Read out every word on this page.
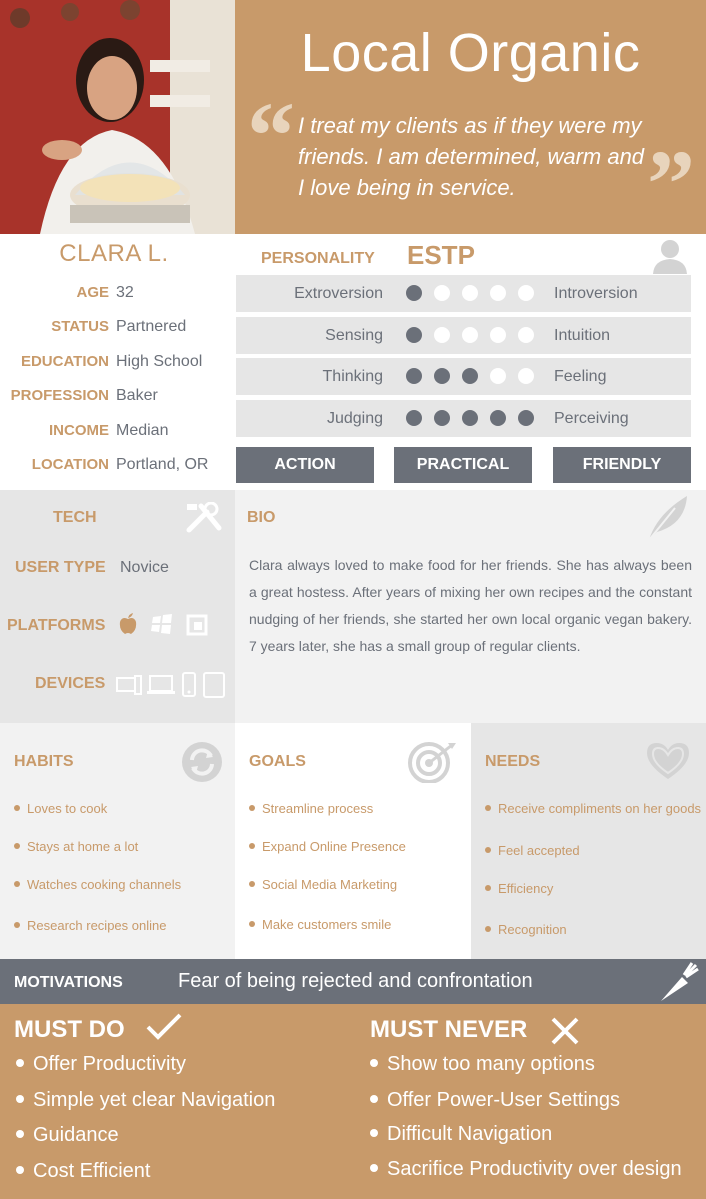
Local Organic
“ I treat my clients as if they were my friends. I am determined, warm and I love being in service.	”
CLARA L.
AGE 32
STATUS Partnered
EDUCATION High School
PROFESSION Baker
INCOME Median
LOCATION Portland, OR
PERSONALITY ESTP
Extroversion	Introversion
Sensing	Intuition
Thinking	Feeling
Judging	Perceiving
ACTION	PRACTICAL	FRIENDLY
TECH
USER TYPE Novice
PLATFORMS
DEVICES
BIO
Clara always loved to make food for her friends. She has always been a great hostess. After years of mixing her own recipes and the constant nudging of her friends, she started her own local organic vegan bakery. 7 years later, she has a small group of regular clients.
HABITS
Loves to cook
Stays at home a lot
Watches cooking channels
Research recipes online
GOALS
Streamline process
Expand Online Presence
Social Media Marketing
Make customers smile
NEEDS
Receive compliments on her goods
Feel accepted
Efficiency
Recognition
MOTIVATIONS	Fear of being rejected and confrontation
MUST DO
Offer Productivity
Simple yet clear Navigation
Guidance
Cost Efficient
MUST NEVER
Show too many options
Offer Power-User Settings
Difficult Navigation
Sacrifice Productivity over design
